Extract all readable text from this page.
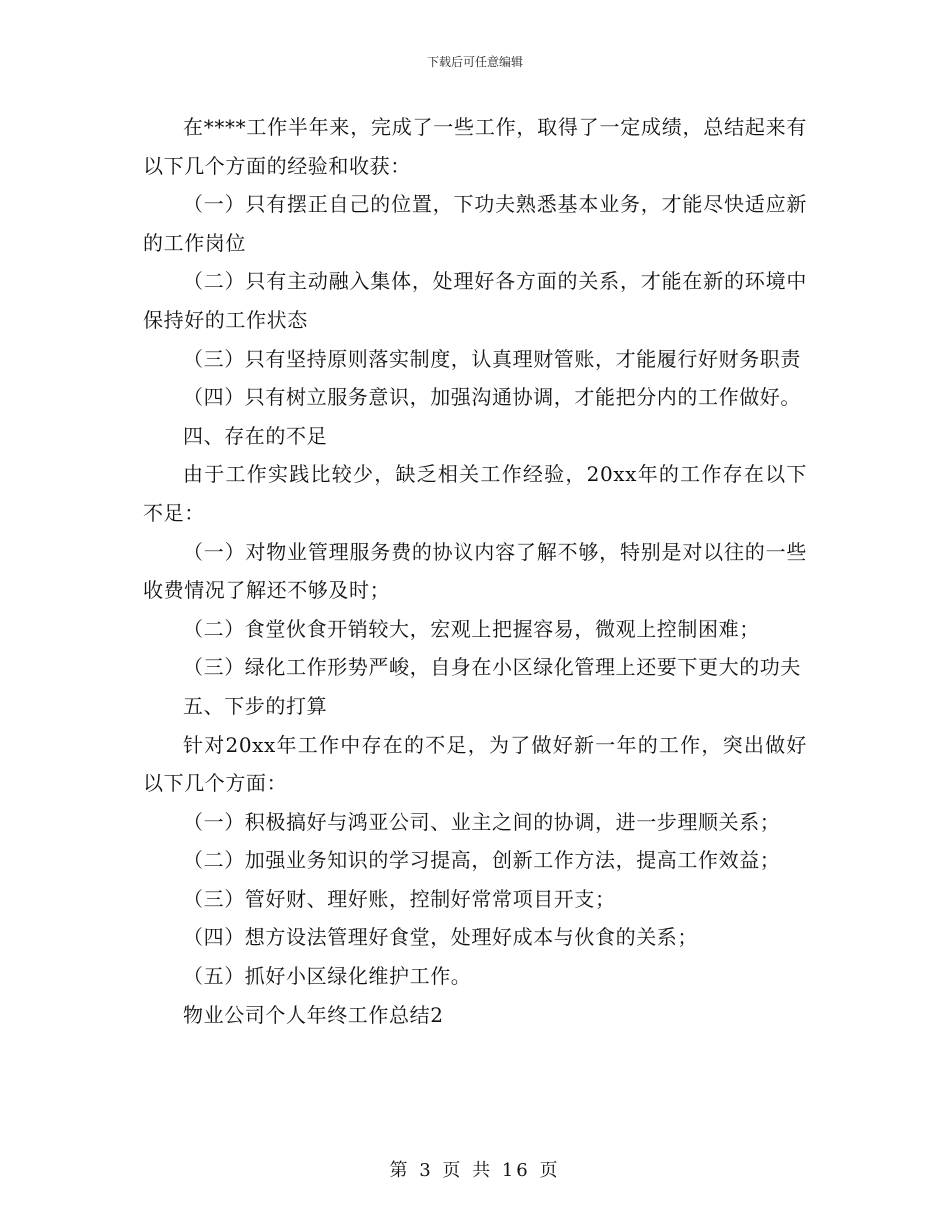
下载后可任意编辑

在****工作半年来，完成了一些工作，取得了一定成绩，总结起来有以下几个方面的经验和收获：

（一）只有摆正自己的位置，下功夫熟悉基本业务，才能尽快适应新的工作岗位

（二）只有主动融入集体，处理好各方面的关系，才能在新的环境中保持好的工作状态

（三）只有坚持原则落实制度，认真理财管账，才能履行好财务职责

（四）只有树立服务意识，加强沟通协调，才能把分内的工作做好。

四、存在的不足

由于工作实践比较少，缺乏相关工作经验，20xx年的工作存在以下不足：

（一）对物业管理服务费的协议内容了解不够，特别是对以往的一些收费情况了解还不够及时；

（二）食堂伙食开销较大，宏观上把握容易，微观上控制困难；

（三）绿化工作形势严峻，自身在小区绿化管理上还要下更大的功夫

五、下步的打算

针对20xx年工作中存在的不足，为了做好新一年的工作，突出做好以下几个方面：

（一）积极搞好与鸿亚公司、业主之间的协调，进一步理顺关系；

（二）加强业务知识的学习提高，创新工作方法，提高工作效益；

（三）管好财、理好账，控制好常常项目开支；

（四）想方设法管理好食堂，处理好成本与伙食的关系；

（五）抓好小区绿化维护工作。

物业公司个人年终工作总结2

第 3 页 共 16 页
